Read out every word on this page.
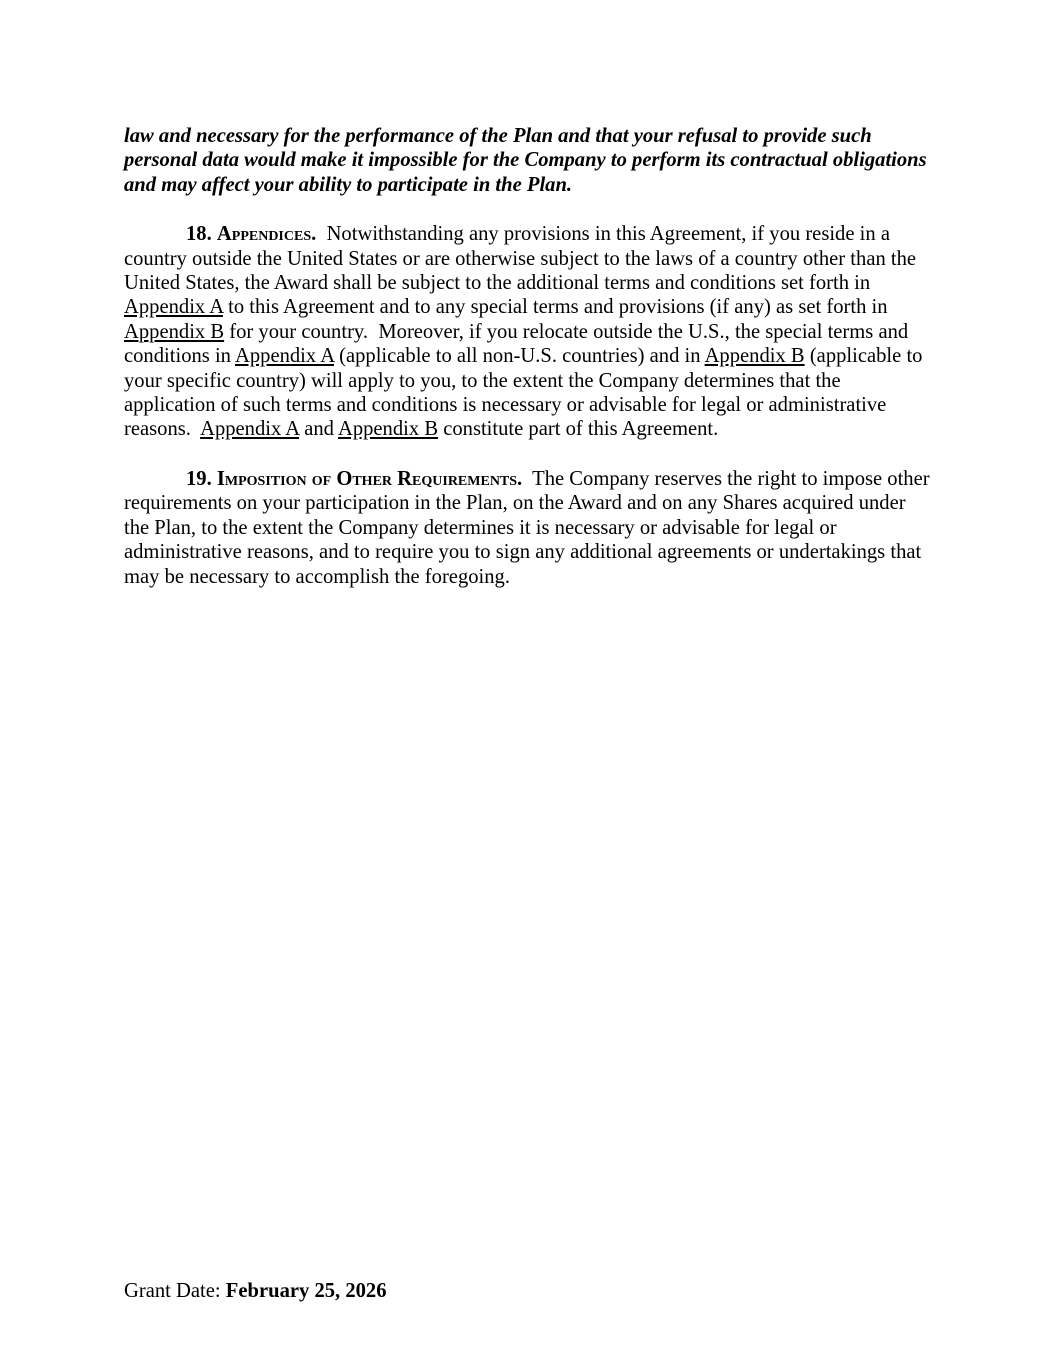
law and necessary for the performance of the Plan and that your refusal to provide such personal data would make it impossible for the Company to perform its contractual obligations and may affect your ability to participate in the Plan.

18. Appendices.  Notwithstanding any provisions in this Agreement, if you reside in a country outside the United States or are otherwise subject to the laws of a country other than the United States, the Award shall be subject to the additional terms and conditions set forth in Appendix A to this Agreement and to any special terms and provisions (if any) as set forth in Appendix B for your country.  Moreover, if you relocate outside the U.S., the special terms and conditions in Appendix A (applicable to all non-U.S. countries) and in Appendix B (applicable to your specific country) will apply to you, to the extent the Company determines that the application of such terms and conditions is necessary or advisable for legal or administrative reasons.  Appendix A and Appendix B constitute part of this Agreement.

19. Imposition of Other Requirements.  The Company reserves the right to impose other requirements on your participation in the Plan, on the Award and on any Shares acquired under the Plan, to the extent the Company determines it is necessary or advisable for legal or administrative reasons, and to require you to sign any additional agreements or undertakings that may be necessary to accomplish the foregoing.

Grant Date: February 25, 2026
